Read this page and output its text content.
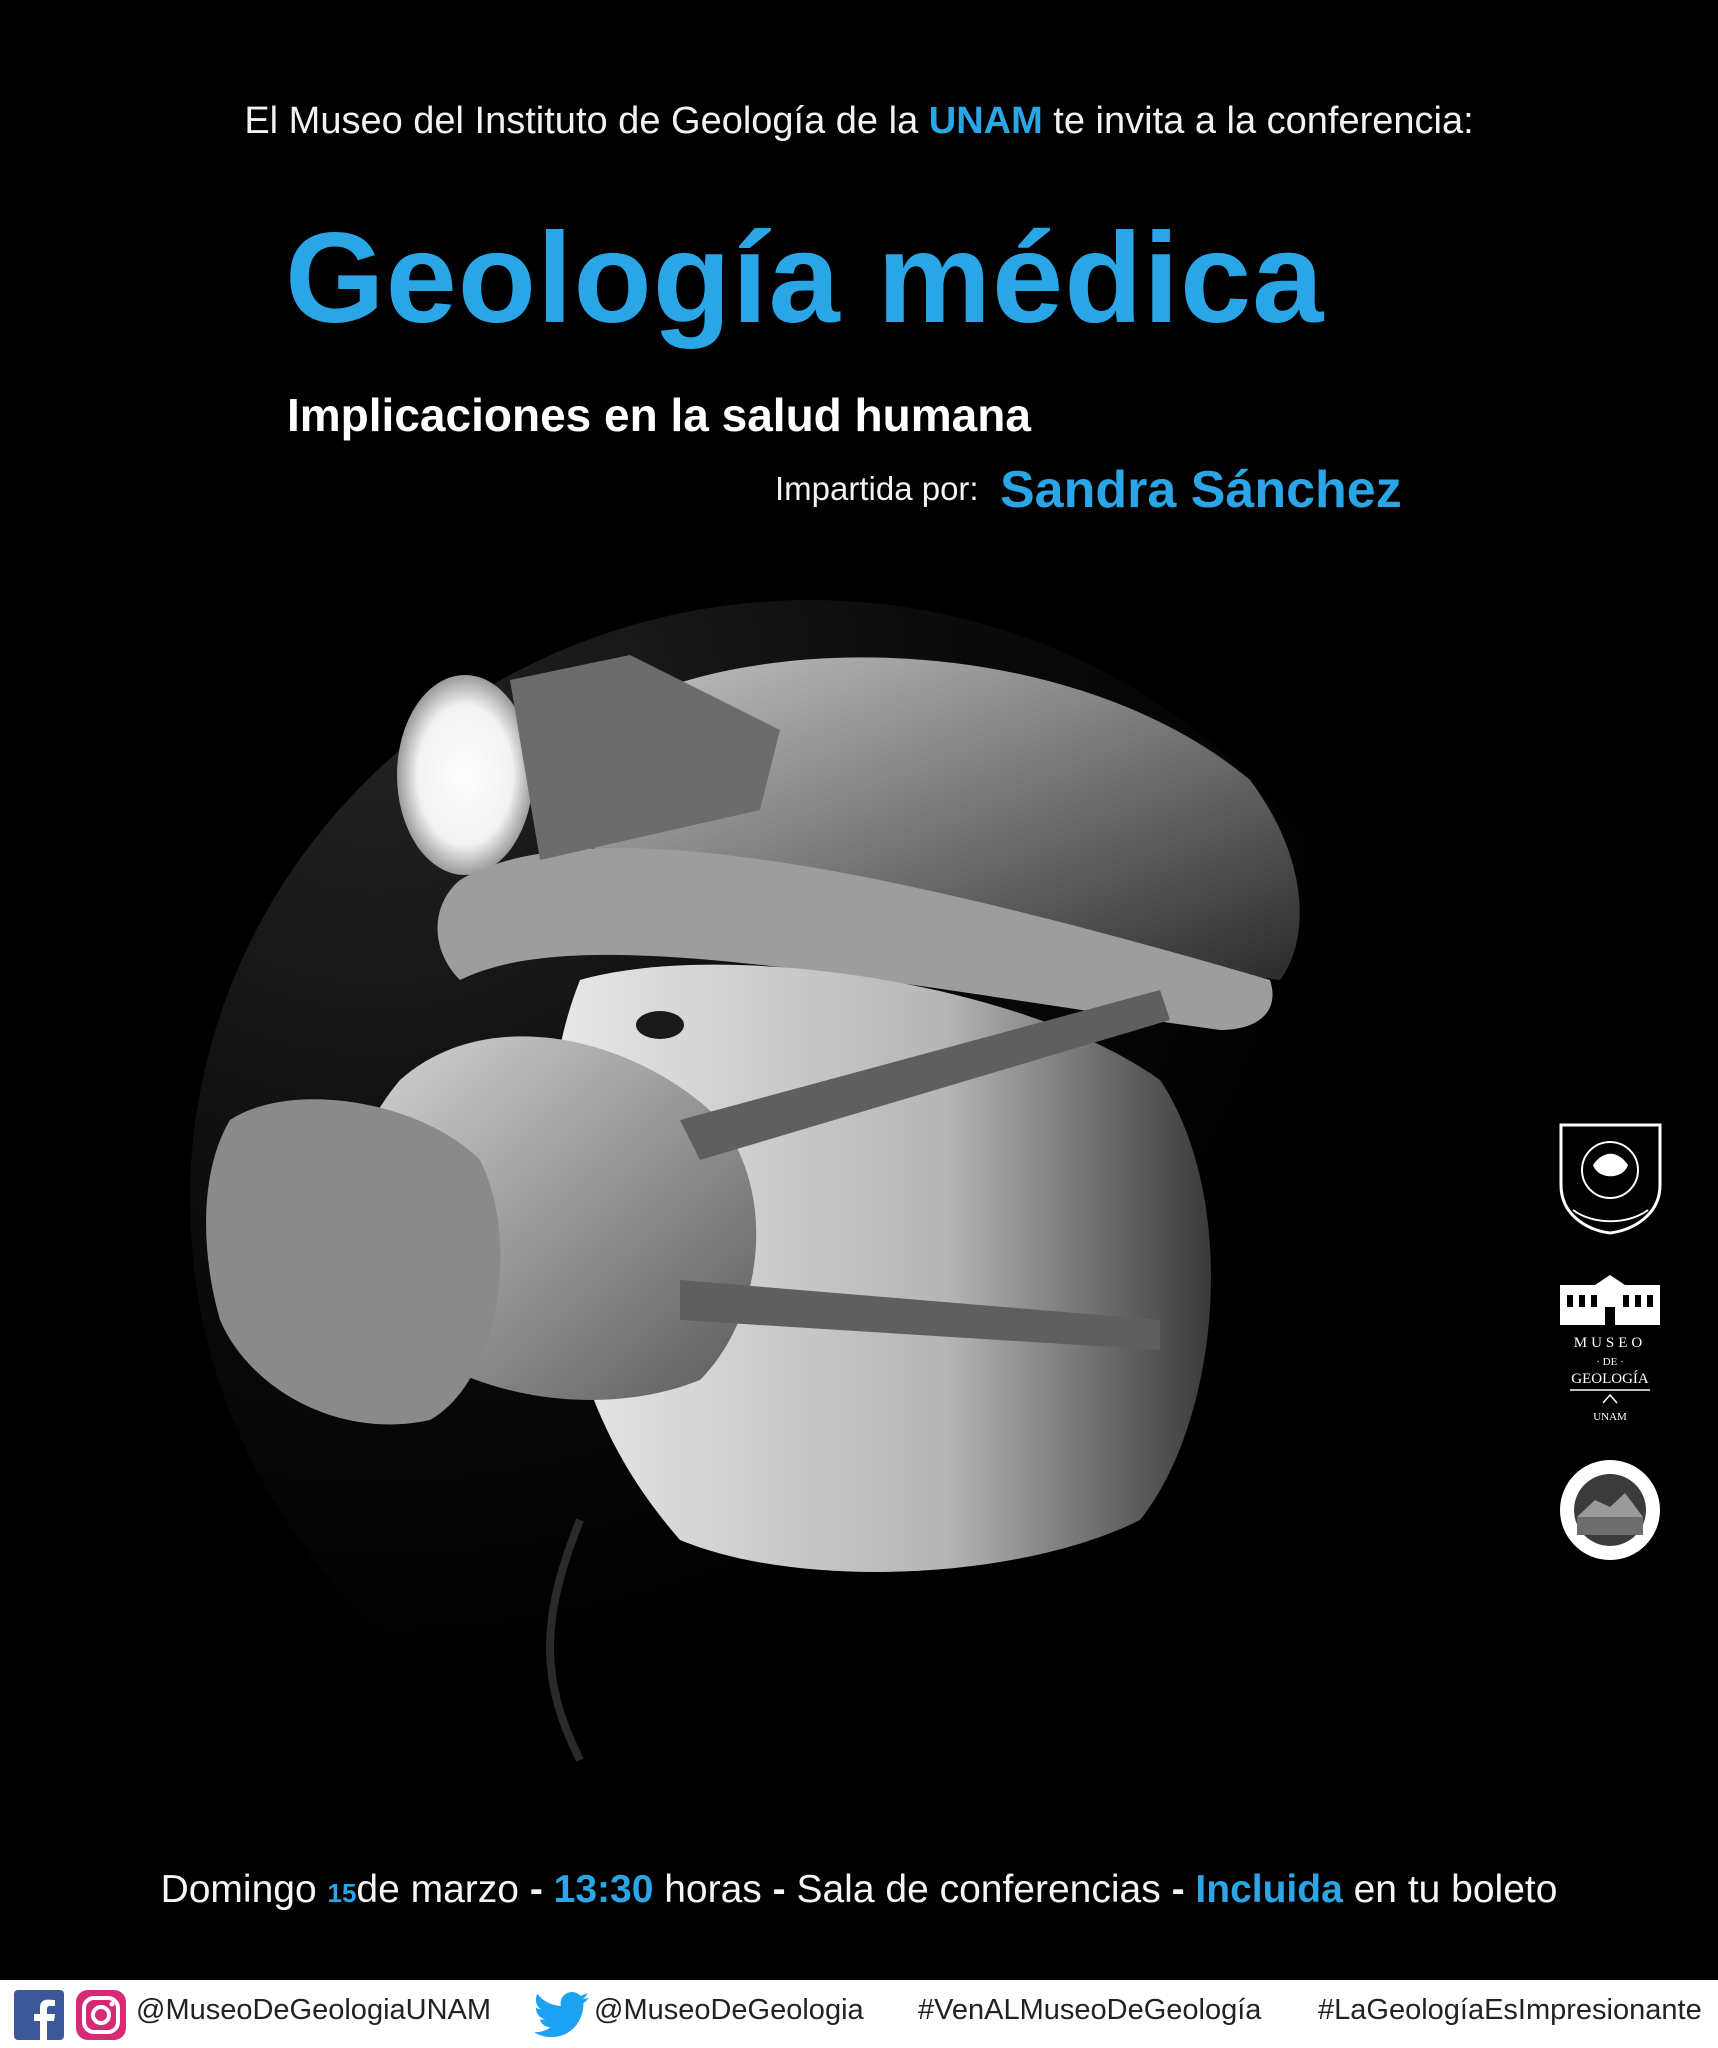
El Museo del Instituto de Geología de la UNAM te invita a la conferencia:
Geología médica
Implicaciones en la salud humana
Impartida por: Sandra Sánchez
MUSEO
· DE ·
GEOLOGÍA
UNAM
Domingo 15de marzo - 13:30 horas - Sala de conferencias - Incluida en tu boleto
@MuseoDeGeologiaUNAM	@MuseoDeGeologia #VenALMuseoDeGeología #LaGeologíaEsImpresionante
